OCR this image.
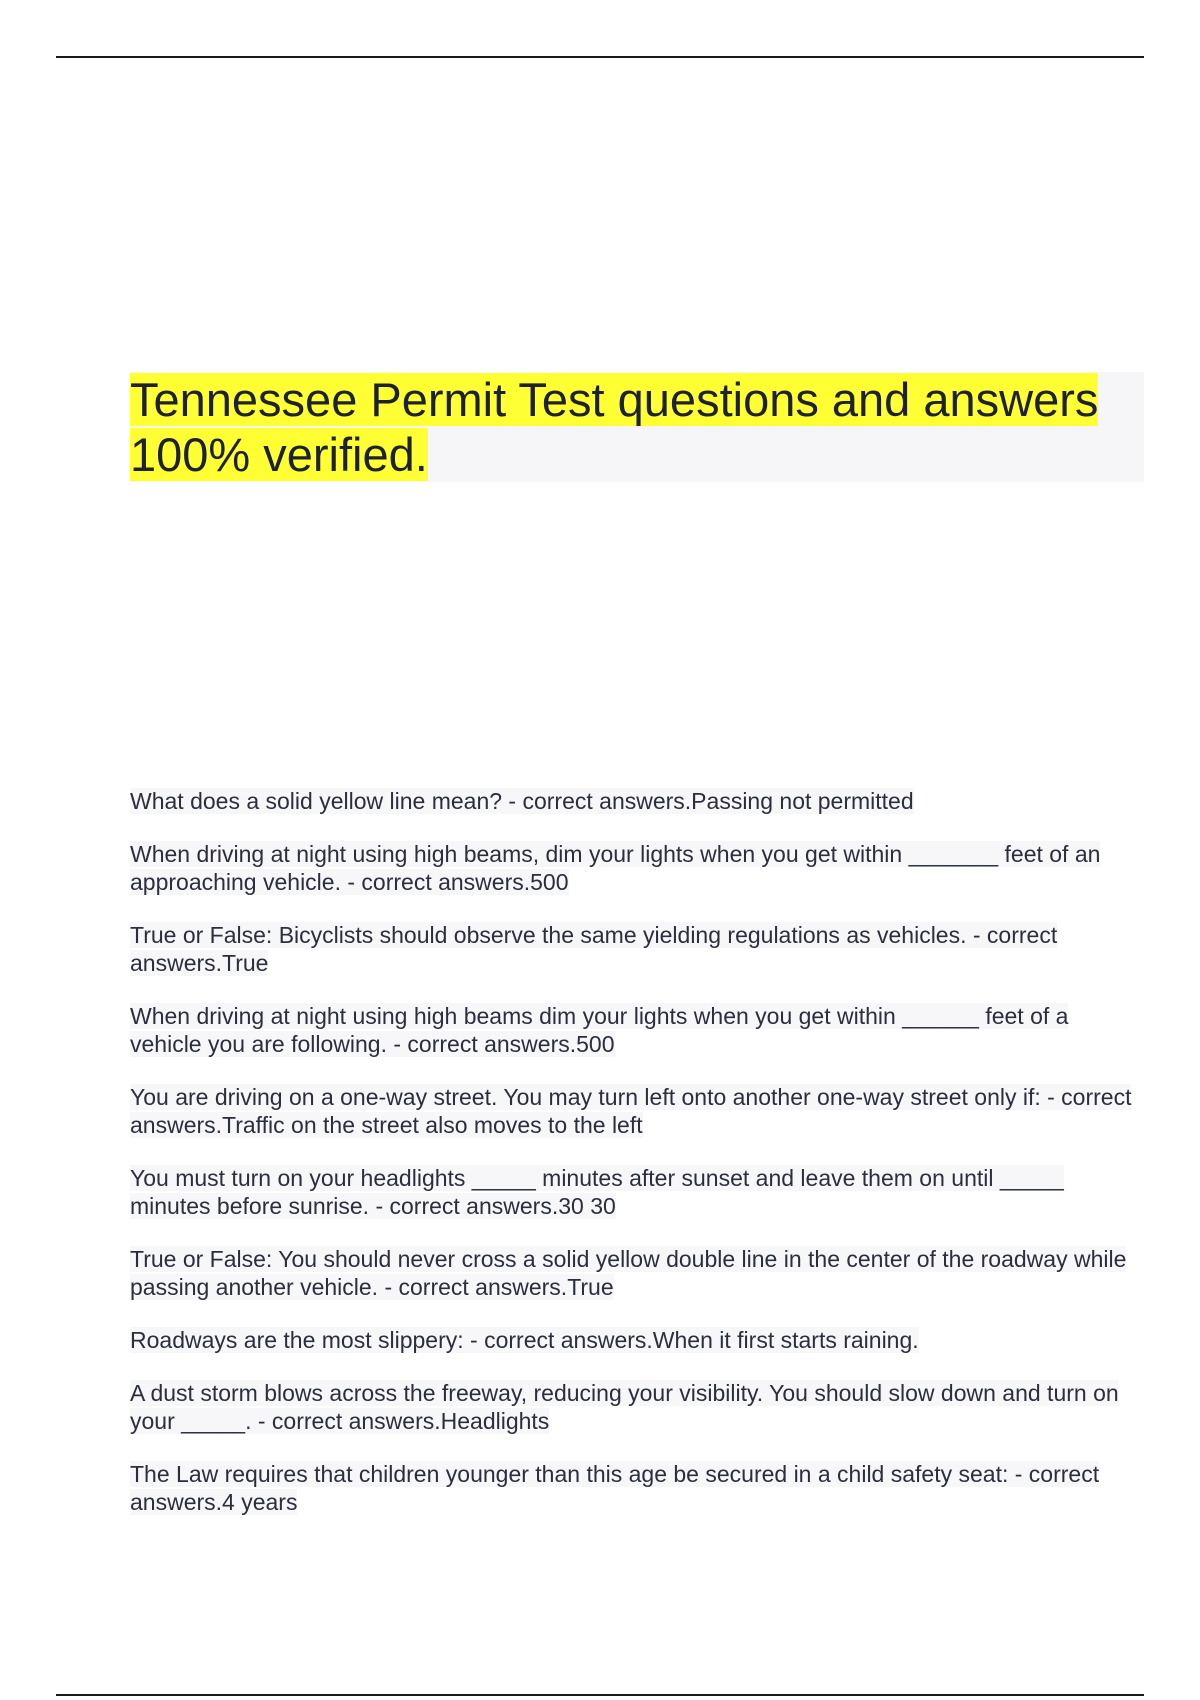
Tennessee Permit Test questions and answers
100% verified.

What does a solid yellow line mean? - correct answers.Passing not permitted

When driving at night using high beams, dim your lights when you get within _______ feet of an approaching vehicle. - correct answers.500

True or False: Bicyclists should observe the same yielding regulations as vehicles. - correct answers.True

When driving at night using high beams dim your lights when you get within ______ feet of a vehicle you are following. - correct answers.500

You are driving on a one-way street. You may turn left onto another one-way street only if: - correct answers.Traffic on the street also moves to the left

You must turn on your headlights _____ minutes after sunset and leave them on until _____ minutes before sunrise. - correct answers.30 30

True or False: You should never cross a solid yellow double line in the center of the roadway while passing another vehicle. - correct answers.True

Roadways are the most slippery: - correct answers.When it first starts raining.

A dust storm blows across the freeway, reducing your visibility. You should slow down and turn on your _____. - correct answers.Headlights

The Law requires that children younger than this age be secured in a child safety seat: - correct answers.4 years
